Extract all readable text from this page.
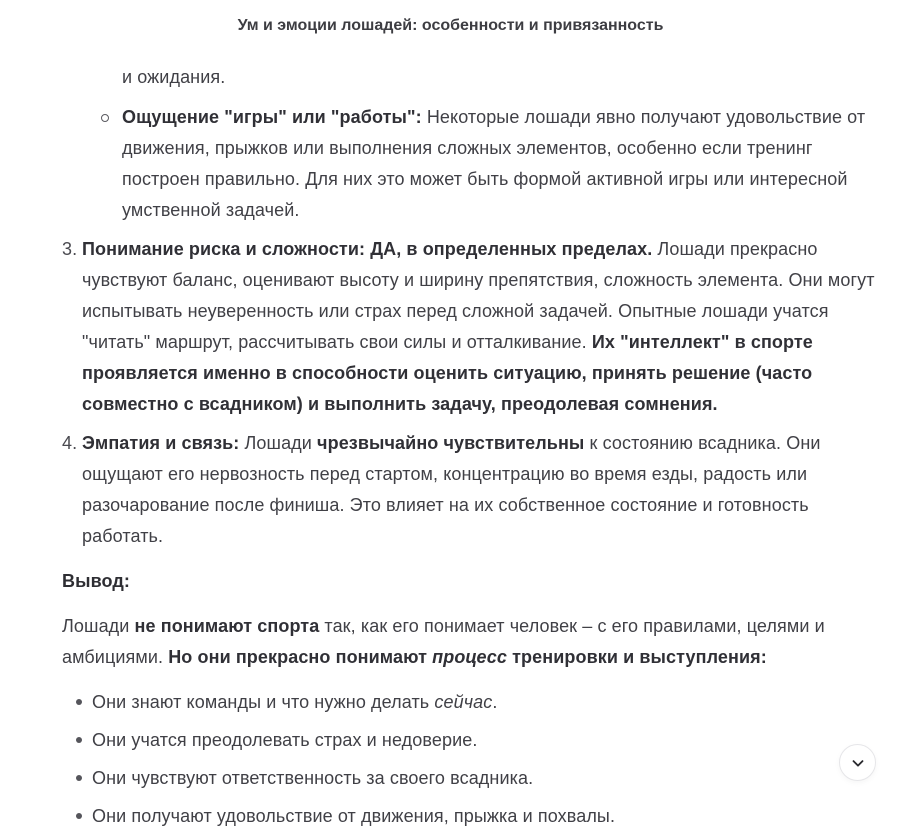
Ум и эмоции лошадей: особенности и привязанность

и ожидания.

Ощущение "игры" или "работы": Некоторые лошади явно получают удовольствие от движения, прыжков или выполнения сложных элементов, особенно если тренинг построен правильно. Для них это может быть формой активной игры или интересной умственной задачей.
3. Понимание риска и сложности: ДА, в определенных пределах. Лошади прекрасно чувствуют баланс, оценивают высоту и ширину препятствия, сложность элемента. Они могут испытывать неуверенность или страх перед сложной задачей. Опытные лошади учатся "читать" маршрут, рассчитывать свои силы и отталкивание. Их "интеллект" в спорте проявляется именно в способности оценить ситуацию, принять решение (часто совместно с всадником) и выполнить задачу, преодолевая сомнения.
4. Эмпатия и связь: Лошади чрезвычайно чувствительны к состоянию всадника. Они ощущают его нервозность перед стартом, концентрацию во время езды, радость или разочарование после финиша. Это влияет на их собственное состояние и готовность работать.

Вывод:

Лошади не понимают спорта так, как его понимает человек – с его правилами, целями и амбициями. Но они прекрасно понимают процесс тренировки и выступления:

Они знают команды и что нужно делать сейчас.
Они учатся преодолевать страх и недоверие.
Они чувствуют ответственность за своего всадника.
Они получают удовольствие от движения, прыжка и похвалы.
